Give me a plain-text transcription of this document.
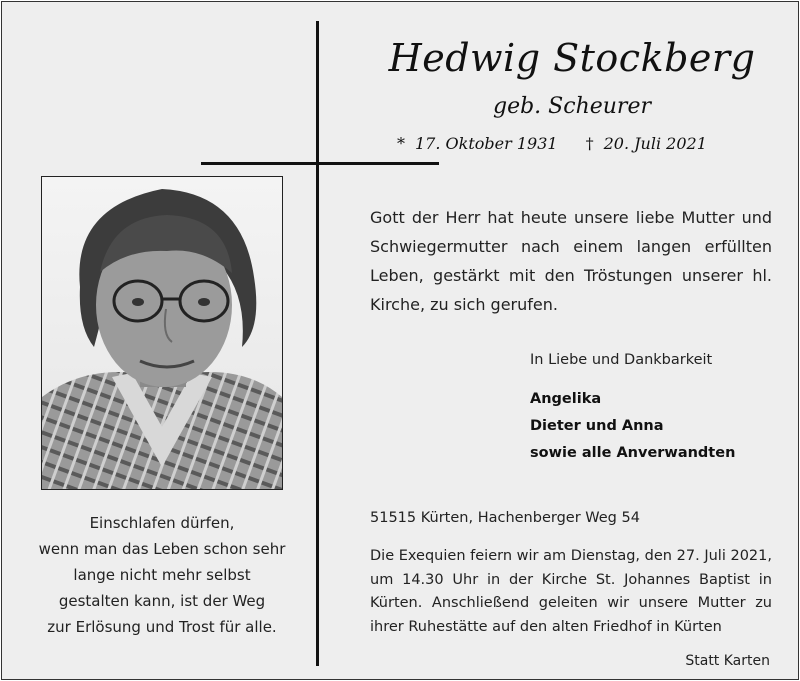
Hedwig Stockberg
geb. Scheurer
* 17. Oktober 1931 † 20. Juli 2021
Einschlafen dürfen,
wenn man das Leben schon sehr
lange nicht mehr selbst
gestalten kann, ist der Weg
zur Erlösung und Trost für alle.
Gott der Herr hat heute unsere liebe Mutter und
Schwiegermutter nach einem langen erfüllten
Leben, gestärkt mit den Tröstungen unserer hl.
Kirche, zu sich gerufen.
In Liebe und Dankbarkeit
Angelika
Dieter und Anna
sowie alle Anverwandten
51515 Kürten, Hachenberger Weg 54
Die Exequien feiern wir am Dienstag, den 27. Juli 2021,
um 14.30 Uhr in der Kirche St. Johannes Baptist in
Kürten. Anschließend geleiten wir unsere Mutter zu
ihrer Ruhestätte auf den alten Friedhof in Kürten
Statt Karten
